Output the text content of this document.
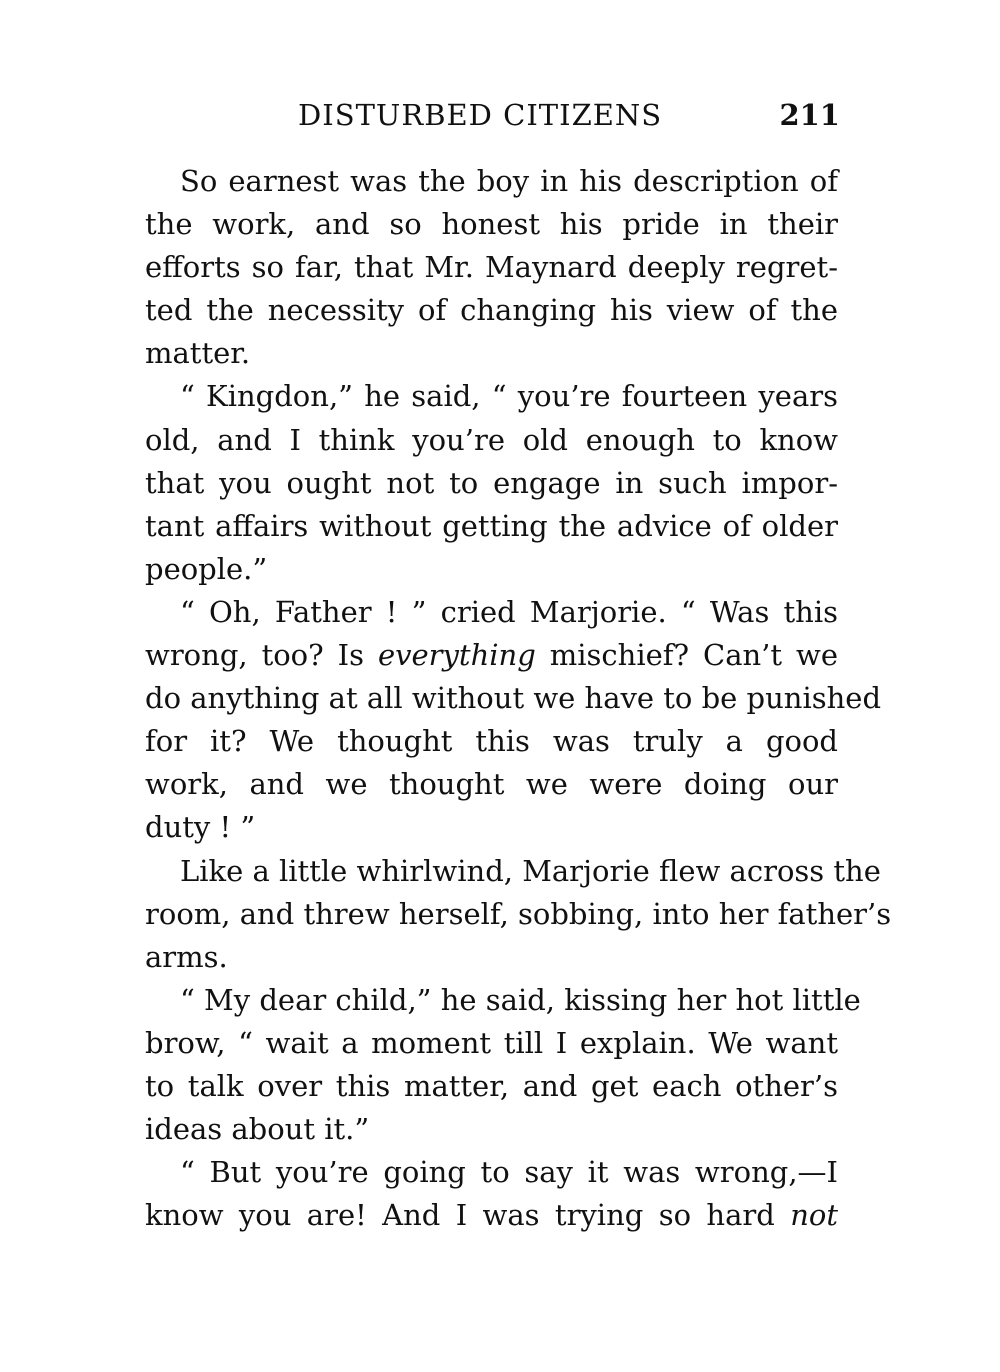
DISTURBED CITIZENS	211
So earnest was the boy in his description of
the work, and so honest his pride in their
efforts so far, that Mr. Maynard deeply regret-
ted the necessity of changing his view of the
matter.
“ Kingdon,” he said, “ you’re fourteen years
old, and I think you’re old enough to know
that you ought not to engage in such impor-
tant affairs without getting the advice of older
people.”
“ Oh, Father ! ” cried Marjorie. “ Was this
wrong, too? Is everything mischief? Can’t we
do anything at all without we have to be punished
for it? We thought this was truly a good
work, and we thought we were doing our
duty ! ”
Like a little whirlwind, Marjorie flew across the
room, and threw herself, sobbing, into her father’s
arms.
“ My dear child,” he said, kissing her hot little
brow, “ wait a moment till I explain. We want
to talk over this matter, and get each other’s
ideas about it.”
“ But you’re going to say it was wrong,—I
know you are! And I was trying so hard not
